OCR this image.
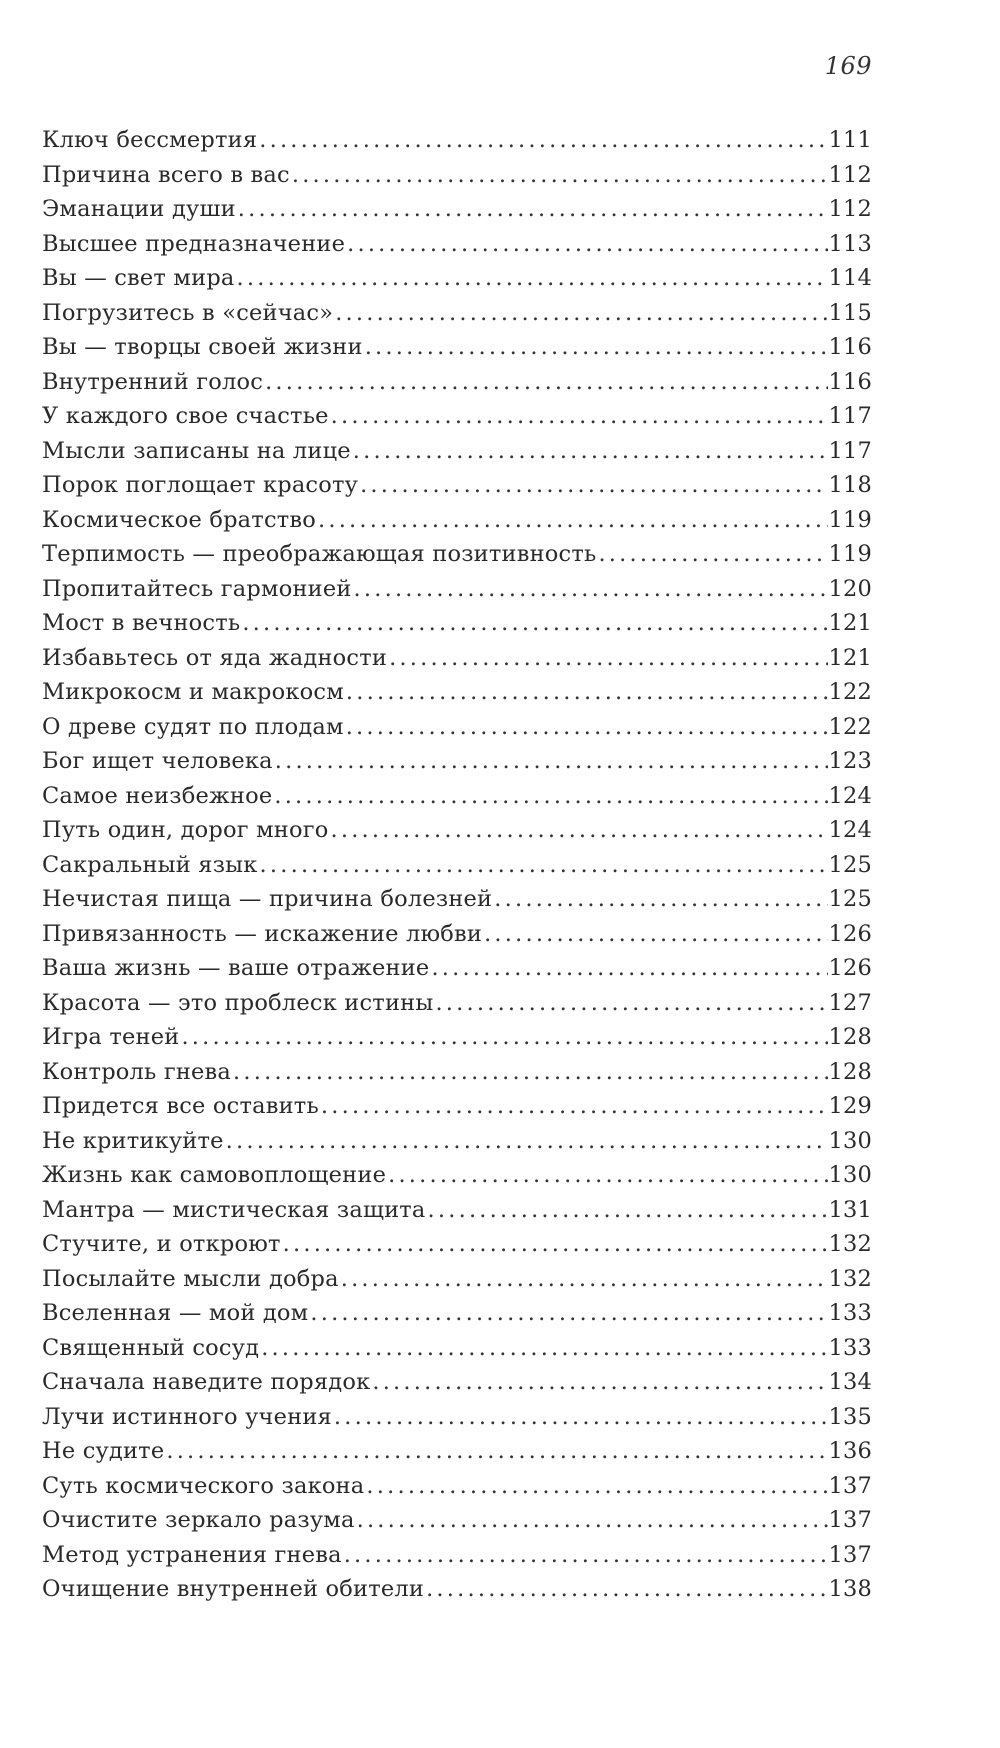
169
Ключ бессмертия .....	111
Причина всего в вас .....	112
Эманации души .....	112
Высшее предназначение .....	113
Вы — свет мира .....	114
Погрузитесь в «сейчас» .....	115
Вы — творцы своей жизни .....	116
Внутренний голос .....	116
У каждого свое счастье .....	117
Мысли записаны на лице .....	117
Порок поглощает красоту .....	118
Космическое братство .....	119
Терпимость — преображающая позитивность .....	119
Пропитайтесь гармонией .....	120
Мост в вечность .....	121
Избавьтесь от яда жадности .....	121
Микрокосм и макрокосм .....	122
О древе судят по плодам .....	122
Бог ищет человека .....	123
Самое неизбежное .....	124
Путь один, дорог много .....	124
Сакральный язык .....	125
Нечистая пища — причина болезней .....	125
Привязанность — искажение любви .....	126
Ваша жизнь — ваше отражение .....	126
Красота — это проблеск истины .....	127
Игра теней .....	128
Контроль гнева .....	128
Придется все оставить .....	129
Не критикуйте .....	130
Жизнь как самовоплощение .....	130
Мантра — мистическая защита .....	131
Стучите, и откроют .....	132
Посылайте мысли добра .....	132
Вселенная — мой дом .....	133
Священный сосуд .....	133
Сначала наведите порядок .....	134
Лучи истинного учения .....	135
Не судите .....	136
Суть космического закона .....	137
Очистите зеркало разума .....	137
Метод устранения гнева .....	137
Очищение внутренней обители .....	138
